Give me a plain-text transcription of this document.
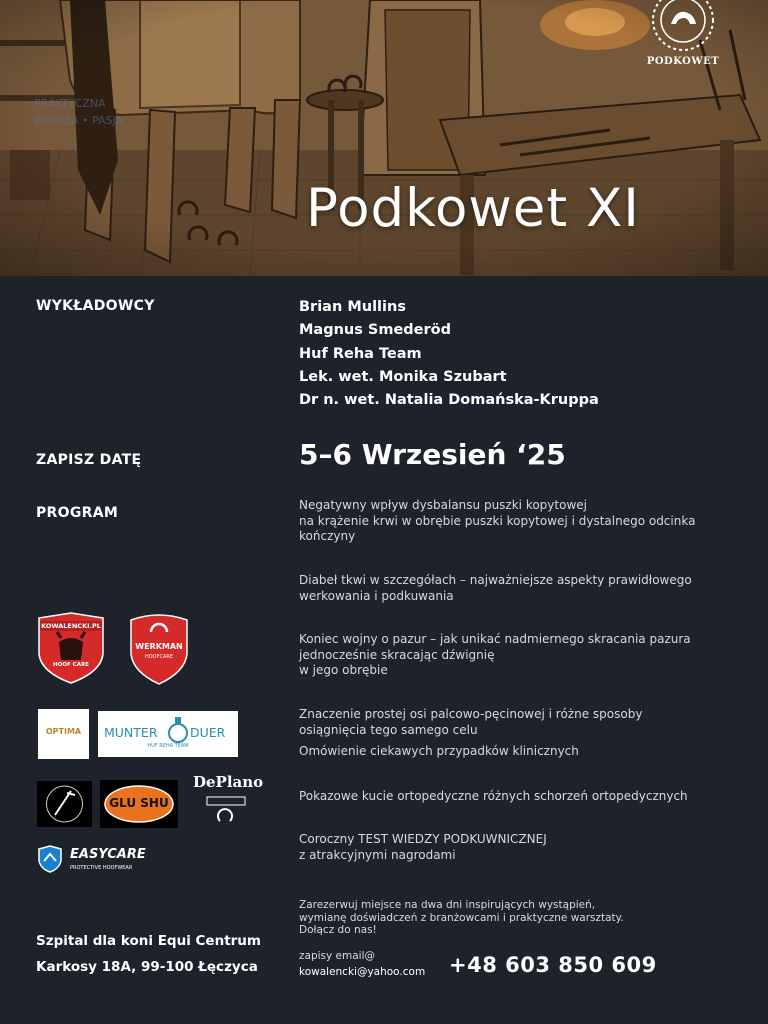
PRAKTYCZNA
WIEDZA • PASJA
PODKOWET
Podkowet XI
WYKŁADOWCY	Brian Mullins
Magnus Smederöd
Huf Reha Team
Lek. wet. Monika Szubart
Dr n. wet. Natalia Domańska-Kruppa
ZAPISZ DATĘ	5–6 Wrzesień ‘25
PROGRAM	Negatywny wpływ dysbalansu puszki kopytowej
na krążenie krwi w obrębie puszki kopytowej i dystalnego odcinka
kończyny
Diabeł tkwi w szczegółach – najważniejsze aspekty prawidłowego
werkowania i podkuwania
Koniec wojny o pazur – jak unikać nadmiernego skracania pazura
jednocześnie skracając dźwignię
w jego obrębie
Znaczenie prostej osi palcowo-pęcinowej i różne sposoby
osiągnięcia tego samego celu
Omówienie ciekawych przypadków klinicznych
Pokazowe kucie ortopedyczne różnych schorzeń ortopedycznych
Coroczny TEST WIEDZY PODKUWNICZNEJ
z atrakcyjnymi nagrodami
Zarezerwuj miejsce na dwa dni inspirujących wystąpień,
wymianę doświadczeń z branżowcami i praktyczne warsztaty.
Dołącz do nas!
zapisy email@
kowalencki@yahoo.com +48 603 850 609
Szpital dla koni Equi Centrum
Karkosy 18A, 99-100 Łęczyca
KOWALENCKI.PL
HOOF CARE
WERKMAN
HOOFCARE
OPTIMA	MUNTER	DUER
HUF REHA TEAM
GLU SHU
DePlano
EASYCARE
PROTECTIVE HOOFWEAR
